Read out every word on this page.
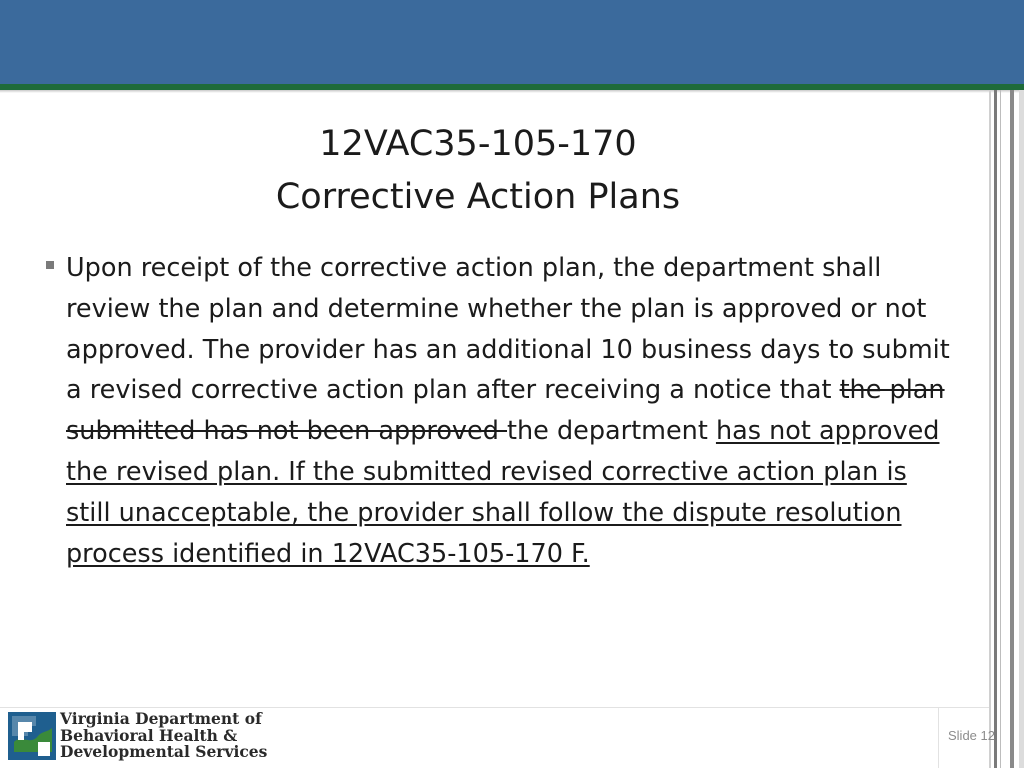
12VAC35-105-170
Corrective Action Plans
Upon receipt of the corrective action plan, the department shall review the plan and determine whether the plan is approved or not approved. The provider has an additional 10 business days to submit a revised corrective action plan after receiving a notice that the plan submitted has not been approved the department has not approved the revised plan. If the submitted revised corrective action plan is still unacceptable, the provider shall follow the dispute resolution process identified in 12VAC35-105-170 F.
Virginia Department of
Behavioral Health &
Developmental Services
Slide 12
